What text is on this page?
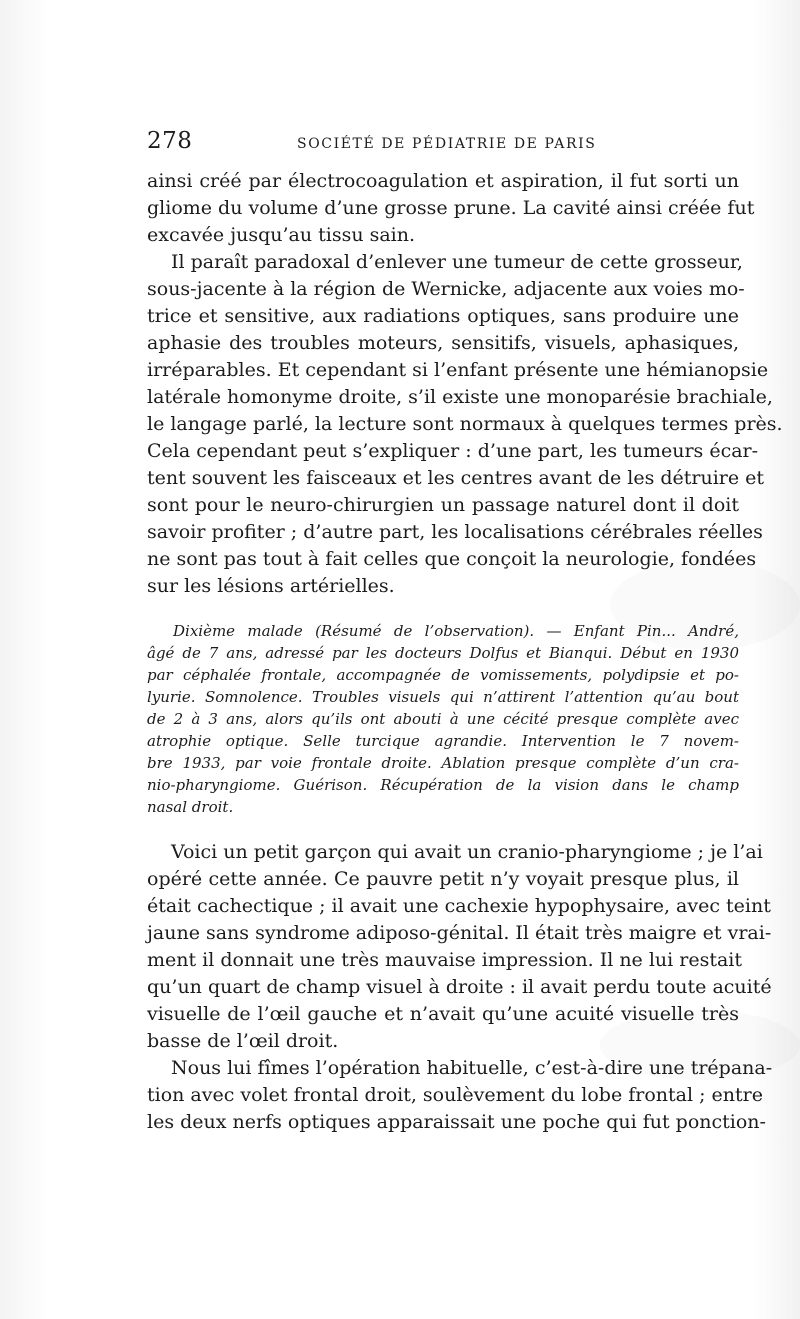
278	SOCIÉTÉ DE PÉDIATRIE DE PARIS
ainsi créé par électrocoagulation et aspiration, il fut sorti un
gliome du volume d’une grosse prune. La cavité ainsi créée fut
excavée jusqu’au tissu sain.
Il paraît paradoxal d’enlever une tumeur de cette grosseur,
sous-jacente à la région de Wernicke, adjacente aux voies mo-
trice et sensitive, aux radiations optiques, sans produire une
aphasie des troubles moteurs, sensitifs, visuels, aphasiques,
irréparables. Et cependant si l’enfant présente une hémianopsie
latérale homonyme droite, s’il existe une monoparésie brachiale,
le langage parlé, la lecture sont normaux à quelques termes près.
Cela cependant peut s’expliquer : d’une part, les tumeurs écar-
tent souvent les faisceaux et les centres avant de les détruire et
sont pour le neuro-chirurgien un passage naturel dont il doit
savoir profiter ; d’autre part, les localisations cérébrales réelles
ne sont pas tout à fait celles que conçoit la neurologie, fondées
sur les lésions artérielles.
Dixième malade (Résumé de l’observation). — Enfant Pin... André,
âgé de 7 ans, adressé par les docteurs Dolfus et Bianqui. Début en 1930
par céphalée frontale, accompagnée de vomissements, polydipsie et po-
lyurie. Somnolence. Troubles visuels qui n’attirent l’attention qu’au bout
de 2 à 3 ans, alors qu’ils ont abouti à une cécité presque complète avec
atrophie optique. Selle turcique agrandie. Intervention le 7 novem-
bre 1933, par voie frontale droite. Ablation presque complète d’un cra-
nio-pharyngiome. Guérison. Récupération de la vision dans le champ
nasal droit.
Voici un petit garçon qui avait un cranio-pharyngiome ; je l’ai
opéré cette année. Ce pauvre petit n’y voyait presque plus, il
était cachectique ; il avait une cachexie hypophysaire, avec teint
jaune sans syndrome adiposo-génital. Il était très maigre et vrai-
ment il donnait une très mauvaise impression. Il ne lui restait
qu’un quart de champ visuel à droite : il avait perdu toute acuité
visuelle de l’œil gauche et n’avait qu’une acuité visuelle très
basse de l’œil droit.
Nous lui fîmes l’opération habituelle, c’est-à-dire une trépana-
tion avec volet frontal droit, soulèvement du lobe frontal ; entre
les deux nerfs optiques apparaissait une poche qui fut ponction-
